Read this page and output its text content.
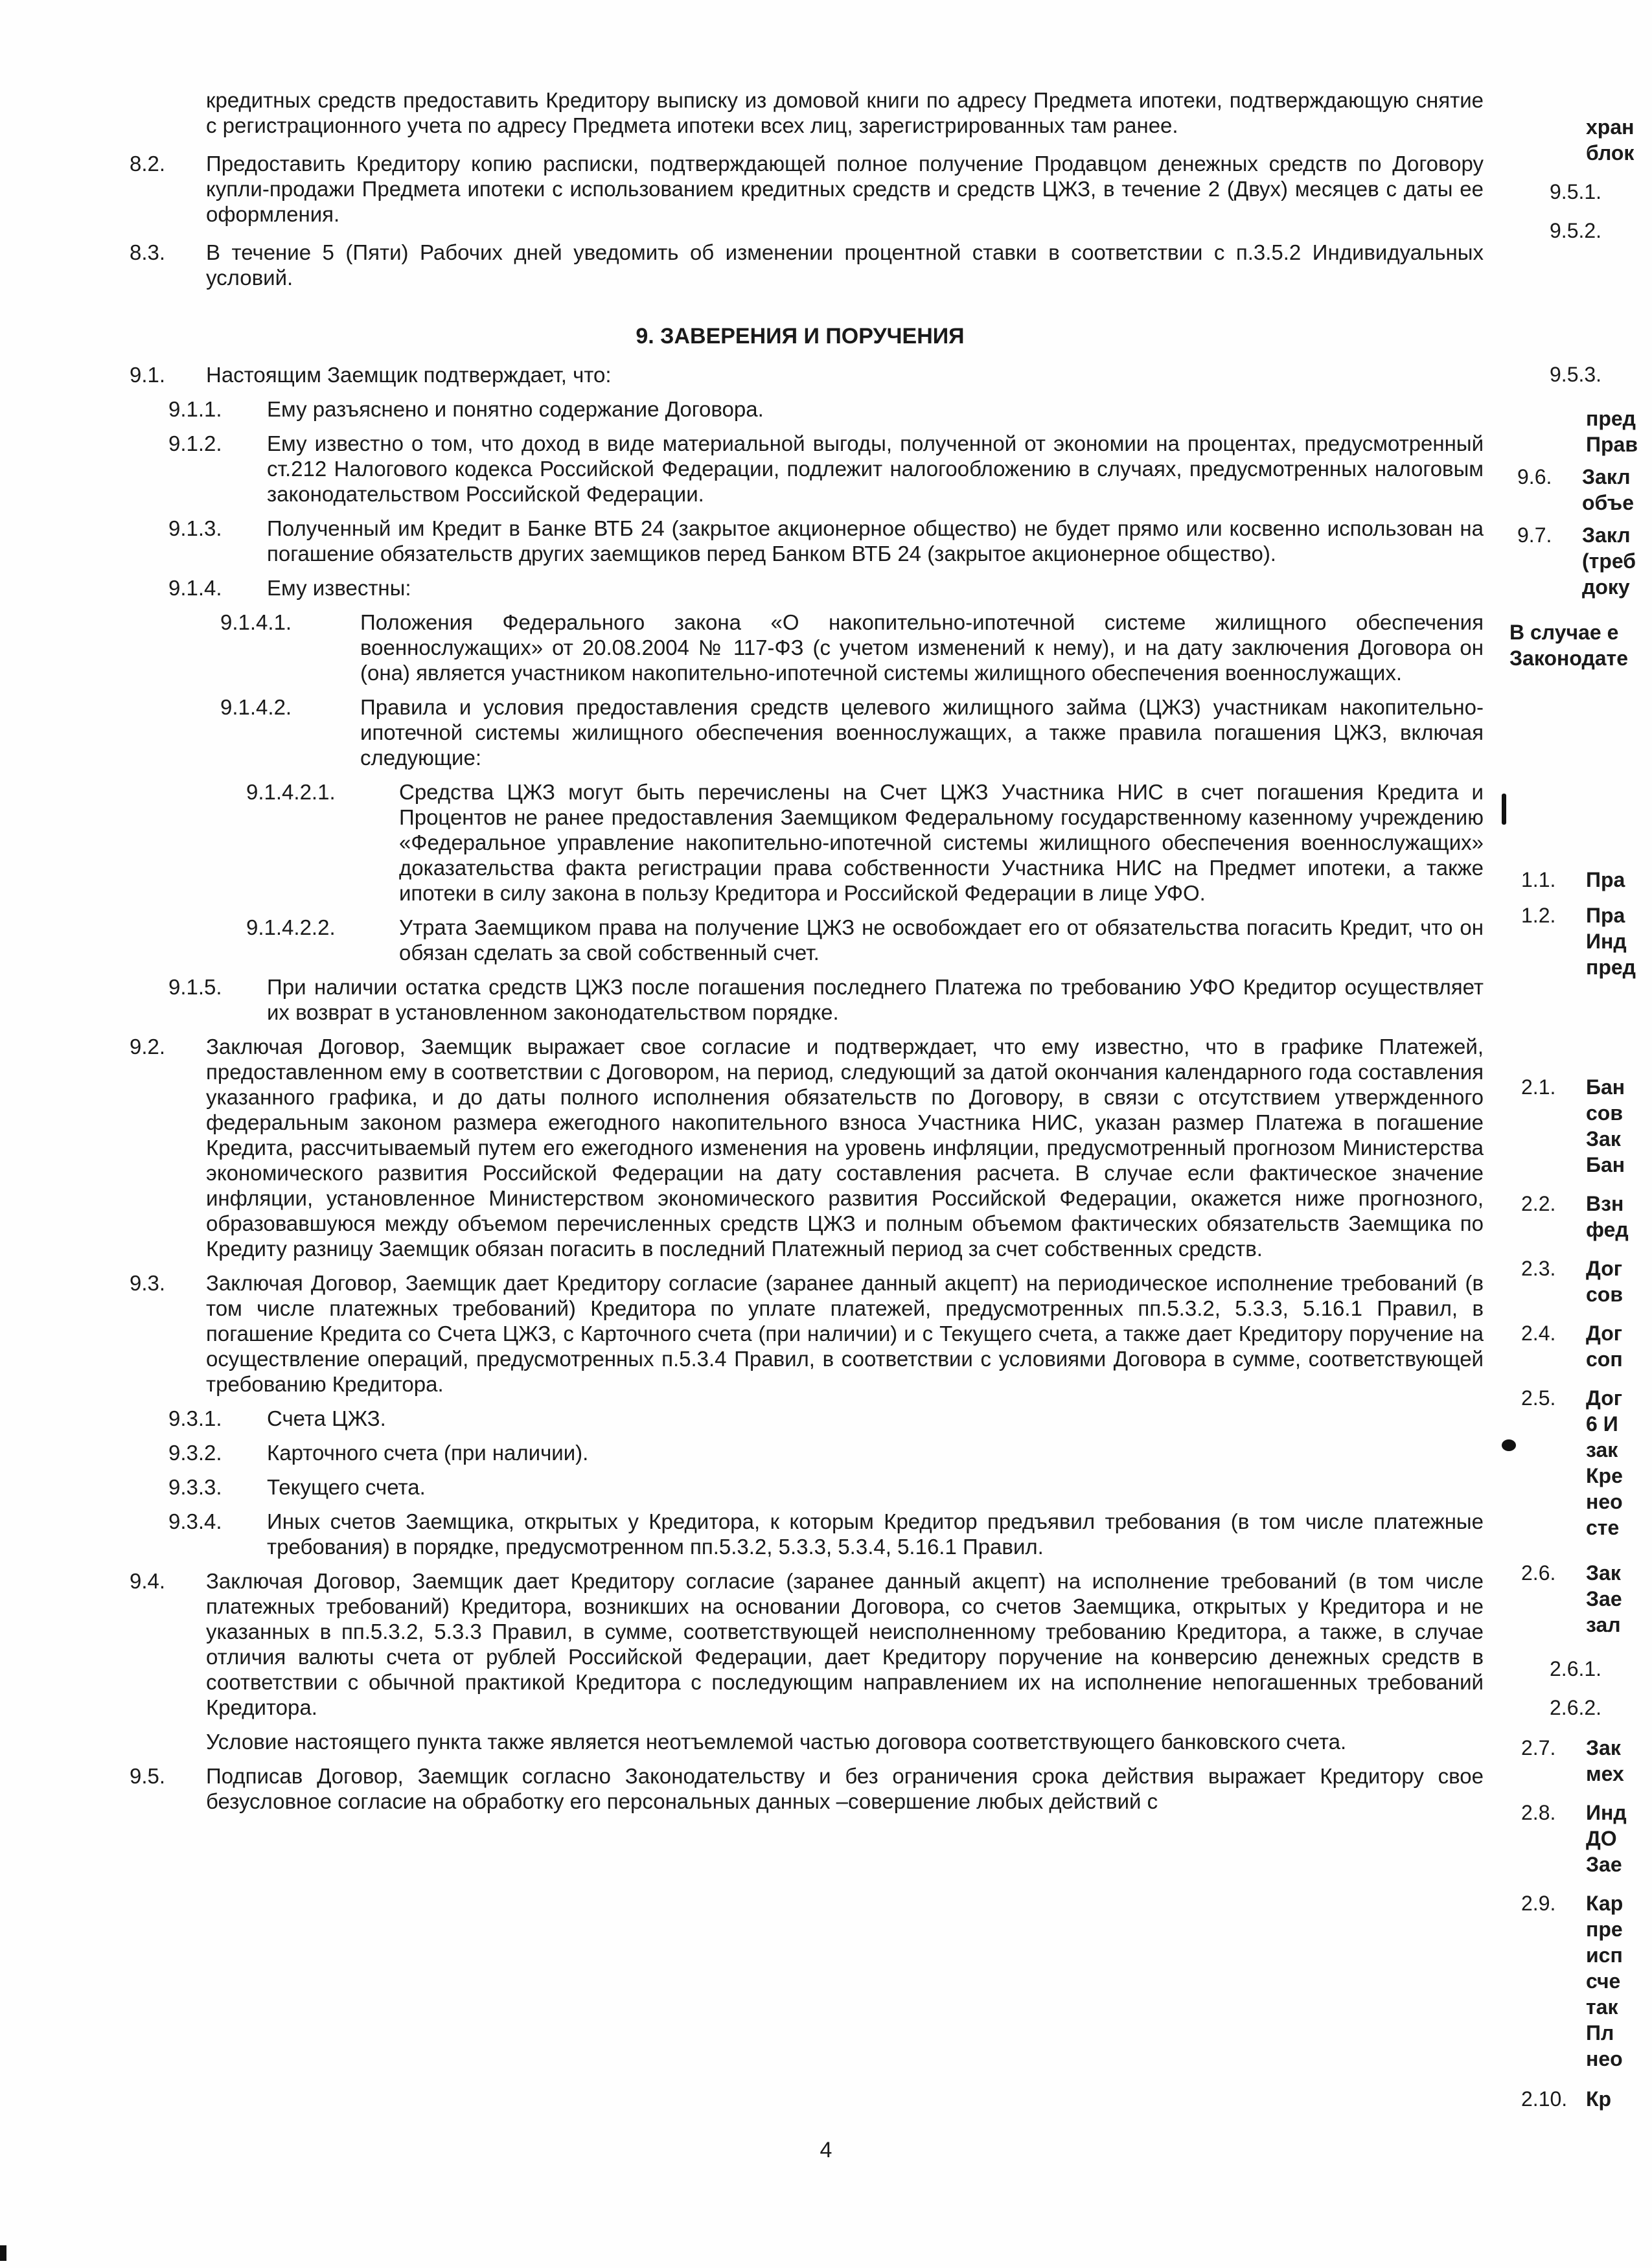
кредитных средств предоставить Кредитору выписку из домовой книги по адресу Предмета ипотеки, подтверждающую снятие с регистрационного учета по адресу Предмета ипотеки всех лиц, зарегистрированных там ранее.
8.2. Предоставить Кредитору копию расписки, подтверждающей полное получение Продавцом денежных средств по Договору купли-продажи Предмета ипотеки с использованием кредитных средств и средств ЦЖЗ, в течение 2 (Двух) месяцев с даты ее оформления.
8.3. В течение 5 (Пяти) Рабочих дней уведомить об изменении процентной ставки в соответствии с п.3.5.2 Индивидуальных условий.
9. ЗАВЕРЕНИЯ И ПОРУЧЕНИЯ
9.1. Настоящим Заемщик подтверждает, что:
9.1.1. Ему разъяснено и понятно содержание Договора.
9.1.2. Ему известно о том, что доход в виде материальной выгоды, полученной от экономии на процентах, предусмотренный ст.212 Налогового кодекса Российской Федерации, подлежит налогообложению в случаях, предусмотренных налоговым законодательством Российской Федерации.
9.1.3. Полученный им Кредит в Банке ВТБ 24 (закрытое акционерное общество) не будет прямо или косвенно использован на погашение обязательств других заемщиков перед Банком ВТБ 24 (закрытое акционерное общество).
9.1.4. Ему известны:
9.1.4.1.	Положения Федерального закона «О накопительно-ипотечной системе жилищного обеспечения военнослужащих» от 20.08.2004 № 117-ФЗ (с учетом изменений к нему), и на дату заключения Договора он (она) является участником накопительно-ипотечной системы жилищного обеспечения военнослужащих.
9.1.4.2.	Правила и условия предоставления средств целевого жилищного займа (ЦЖЗ) участникам накопительно-ипотечной системы жилищного обеспечения военнослужащих, а также правила погашения ЦЖЗ, включая следующие:
9.1.4.2.1.	Средства ЦЖЗ могут быть перечислены на Счет ЦЖЗ Участника НИС в счет погашения Кредита и Процентов не ранее предоставления Заемщиком Федеральному государственному казенному учреждению «Федеральное управление накопительно-ипотечной системы жилищного обеспечения военнослужащих» доказательства факта регистрации права собственности Участника НИС на Предмет ипотеки, а также ипотеки в силу закона в пользу Кредитора и Российской Федерации в лице УФО.
9.1.4.2.2.	Утрата Заемщиком права на получение ЦЖЗ не освобождает его от обязательства погасить Кредит, что он обязан сделать за свой собственный счет.
9.1.5. При наличии остатка средств ЦЖЗ после погашения последнего Платежа по требованию УФО Кредитор осуществляет их возврат в установленном законодательством порядке.
9.2. Заключая Договор, Заемщик выражает свое согласие и подтверждает, что ему известно, что в графике Платежей, предоставленном ему в соответствии с Договором, на период, следующий за датой окончания календарного года составления указанного графика, и до даты полного исполнения обязательств по Договору, в связи с отсутствием утвержденного федеральным законом размера ежегодного накопительного взноса Участника НИС, указан размер Платежа в погашение Кредита, рассчитываемый путем его ежегодного изменения на уровень инфляции, предусмотренный прогнозом Министерства экономического развития Российской Федерации на дату составления расчета. В случае если фактическое значение инфляции, установленное Министерством экономического развития Российской Федерации, окажется ниже прогнозного, образовавшуюся между объемом перечисленных средств ЦЖЗ и полным объемом фактических обязательств Заемщика по Кредиту разницу Заемщик обязан погасить в последний Платежный период за счет собственных средств.
9.3. Заключая Договор, Заемщик дает Кредитору согласие (заранее данный акцепт) на периодическое исполнение требований (в том числе платежных требований) Кредитора по уплате платежей, предусмотренных пп.5.3.2, 5.3.3, 5.16.1 Правил, в погашение Кредита со Счета ЦЖЗ, с Карточного счета (при наличии) и с Текущего счета, а также дает Кредитору поручение на осуществление операций, предусмотренных п.5.3.4 Правил, в соответствии с условиями Договора в сумме, соответствующей требованию Кредитора.
9.3.1. Счета ЦЖЗ.
9.3.2. Карточного счета (при наличии).
9.3.3. Текущего счета.
9.3.4. Иных счетов Заемщика, открытых у Кредитора, к которым Кредитор предъявил требования (в том числе платежные требования) в порядке, предусмотренном пп.5.3.2, 5.3.3, 5.3.4, 5.16.1 Правил.
9.4. Заключая Договор, Заемщик дает Кредитору согласие (заранее данный акцепт) на исполнение требований (в том числе платежных требований) Кредитора, возникших на основании Договора, со счетов Заемщика, открытых у Кредитора и не указанных в пп.5.3.2, 5.3.3 Правил, в сумме, соответствующей неисполненному требованию Кредитора, а также, в случае отличия валюты счета от рублей Российской Федерации, дает Кредитору поручение на конверсию денежных средств в соответствии с обычной практикой Кредитора с последующим направлением их на исполнение непогашенных требований Кредитора.
Условие настоящего пункта также является неотъемлемой частью договора соответствующего банковского счета.
9.5. Подписав Договор, Заемщик согласно Законодательству и без ограничения срока действия выражает Кредитору свое безусловное согласие на обработку его персональных данных –совершение любых действий с
4
хран
блок
9.5.1.
9.5.2.
9.5.3.
пред
Прав
9.6. Закл
объе
9.7. Закл
(треб
доку
В случае е
Законодате
1.1. Пра
1.2. Пра
Инд
пред
2.1. Бан
сов
Зак
Бан
2.2. Взн
фед
2.3. Дог
сов
2.4. Дог
соп
2.5. Дог
6 И
зак
Кре
нео
сте
2.6. Зак
Зае
зал
2.6.1.
2.6.2.
2.7. Зак
мех
2.8. Инд
ДО
Зае
2.9. Кар
пре
исп
сче
так
Пл
нео
2.10. Кр
